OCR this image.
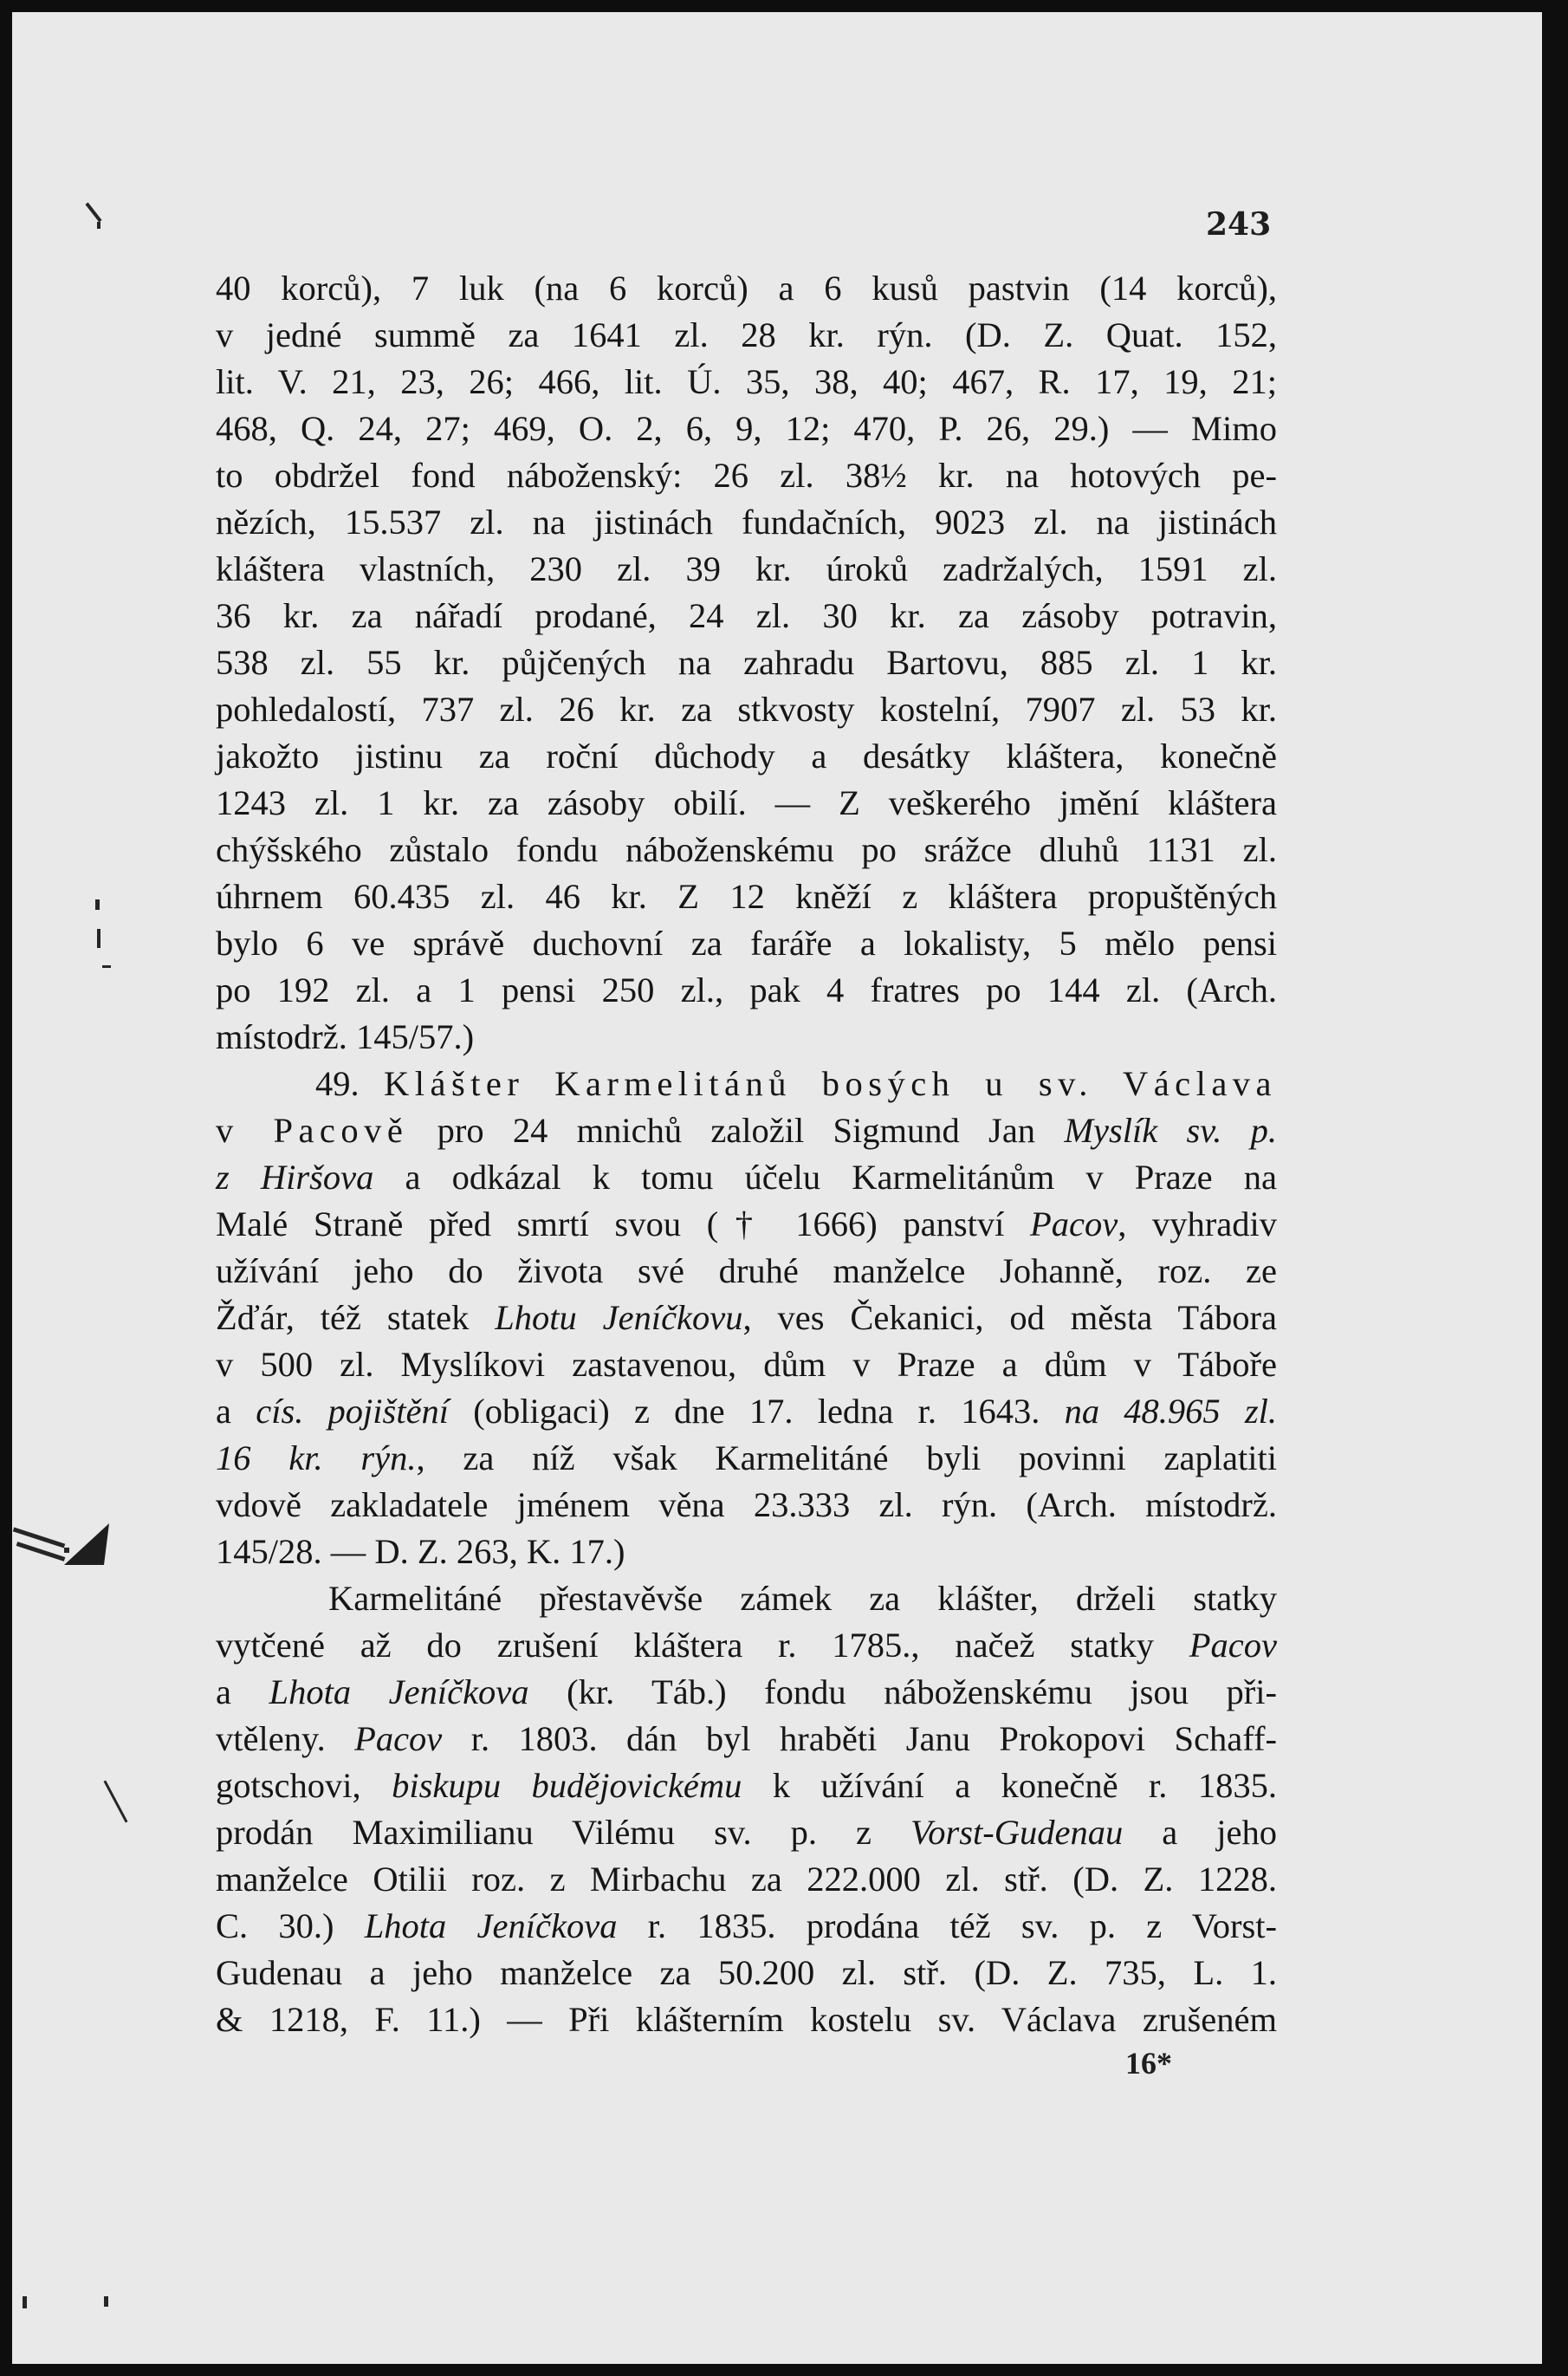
243
40 korců), 7 luk (na 6 korců) a 6 kusů pastvin (14 korců),
v jedné summě za 1641 zl. 28 kr. rýn. (D. Z. Quat. 152,
lit. V. 21, 23, 26; 466, lit. Ú. 35, 38, 40; 467, R. 17, 19, 21;
468, Q. 24, 27; 469, O. 2, 6, 9, 12; 470, P. 26, 29.) — Mimo
to obdržel fond náboženský: 26 zl. 38½ kr. na hotových pe-
nězích, 15.537 zl. na jistinách fundačních, 9023 zl. na jistinách
kláštera vlastních, 230 zl. 39 kr. úroků zadržalých, 1591 zl.
36 kr. za nářadí prodané, 24 zl. 30 kr. za zásoby potravin,
538 zl. 55 kr. půjčených na zahradu Bartovu, 885 zl. 1 kr.
pohledalostí, 737 zl. 26 kr. za stkvosty kostelní, 7907 zl. 53 kr.
jakožto jistinu za roční důchody a desátky kláštera, konečně
1243 zl. 1 kr. za zásoby obilí. — Z veškerého jmění kláštera
chýšského zůstalo fondu náboženskému po srážce dluhů 1131 zl.
úhrnem 60.435 zl. 46 kr. Z 12 kněží z kláštera propuštěných
bylo 6 ve správě duchovní za faráře a lokalisty, 5 mělo pensi
po 192 zl. a 1 pensi 250 zl., pak 4 fratres po 144 zl. (Arch.
místodrž. 145/57.)
49. Klášter Karmelitánů bosých u sv. Václava
v Pacově pro 24 mnichů založil Sigmund Jan Myslík sv. p.
z Hiršova a odkázal k tomu účelu Karmelitánům v Praze na
Malé Straně před smrtí svou († 1666) panství Pacov, vyhradiv
užívání jeho do života své druhé manželce Johanně, roz. ze
Žďár, též statek Lhotu Jeníčkovu, ves Čekanici, od města Tábora
v 500 zl. Myslíkovi zastavenou, dům v Praze a dům v Táboře
a cís. pojištění (obligaci) z dne 17. ledna r. 1643. na 48.965 zl.
16 kr. rýn., za níž však Karmelitáné byli povinni zaplatiti
vdově zakladatele jménem věna 23.333 zl. rýn. (Arch. místodrž.
145/28. — D. Z. 263, K. 17.)
Karmelitáné přestavěvše zámek za klášter, drželi statky
vytčené až do zrušení kláštera r. 1785., načež statky Pacov
a Lhota Jeníčkova (kr. Táb.) fondu náboženskému jsou při-
vtěleny. Pacov r. 1803. dán byl hraběti Janu Prokopovi Schaff-
gotschovi, biskupu budějovickému k užívání a konečně r. 1835.
prodán Maximilianu Vilému sv. p. z Vorst-Gudenau a jeho
manželce Otilii roz. z Mirbachu za 222.000 zl. stř. (D. Z. 1228.
C. 30.) Lhota Jeníčkova r. 1835. prodána též sv. p. z Vorst-
Gudenau a jeho manželce za 50.200 zl. stř. (D. Z. 735, L. 1.
& 1218, F. 11.) — Při klášterním kostelu sv. Václava zrušeném
16*
